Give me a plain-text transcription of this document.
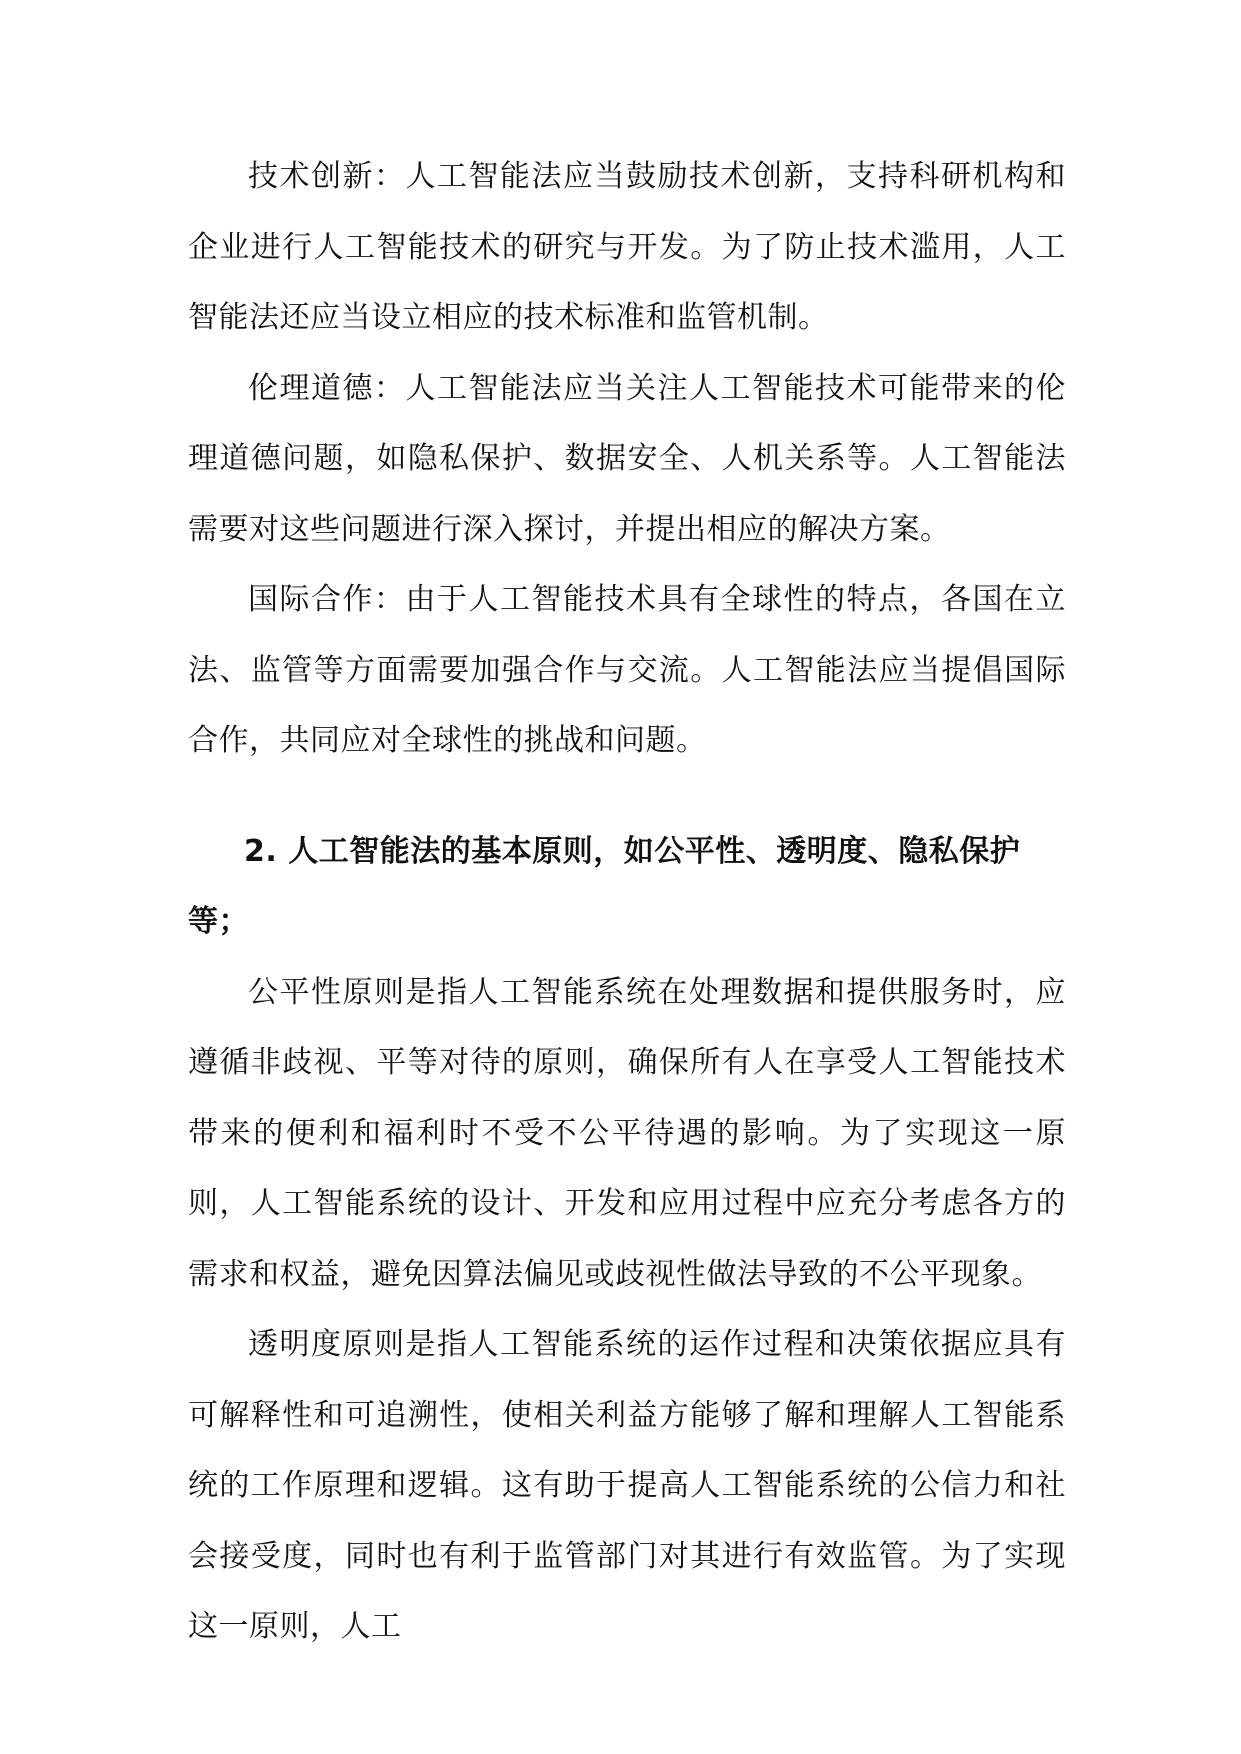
技术创新：人工智能法应当鼓励技术创新，支持科研机构和企业进行人工智能技术的研究与开发。为了防止技术滥用，人工智能法还应当设立相应的技术标准和监管机制。

伦理道德：人工智能法应当关注人工智能技术可能带来的伦理道德问题，如隐私保护、数据安全、人机关系等。人工智能法需要对这些问题进行深入探讨，并提出相应的解决方案。

国际合作：由于人工智能技术具有全球性的特点，各国在立法、监管等方面需要加强合作与交流。人工智能法应当提倡国际合作，共同应对全球性的挑战和问题。

2. 人工智能法的基本原则，如公平性、透明度、隐私保护等；

公平性原则是指人工智能系统在处理数据和提供服务时，应遵循非歧视、平等对待的原则，确保所有人在享受人工智能技术带来的便利和福利时不受不公平待遇的影响。为了实现这一原则，人工智能系统的设计、开发和应用过程中应充分考虑各方的需求和权益，避免因算法偏见或歧视性做法导致的不公平现象。

透明度原则是指人工智能系统的运作过程和决策依据应具有可解释性和可追溯性，使相关利益方能够了解和理解人工智能系统的工作原理和逻辑。这有助于提高人工智能系统的公信力和社会接受度，同时也有利于监管部门对其进行有效监管。为了实现这一原则，人工
